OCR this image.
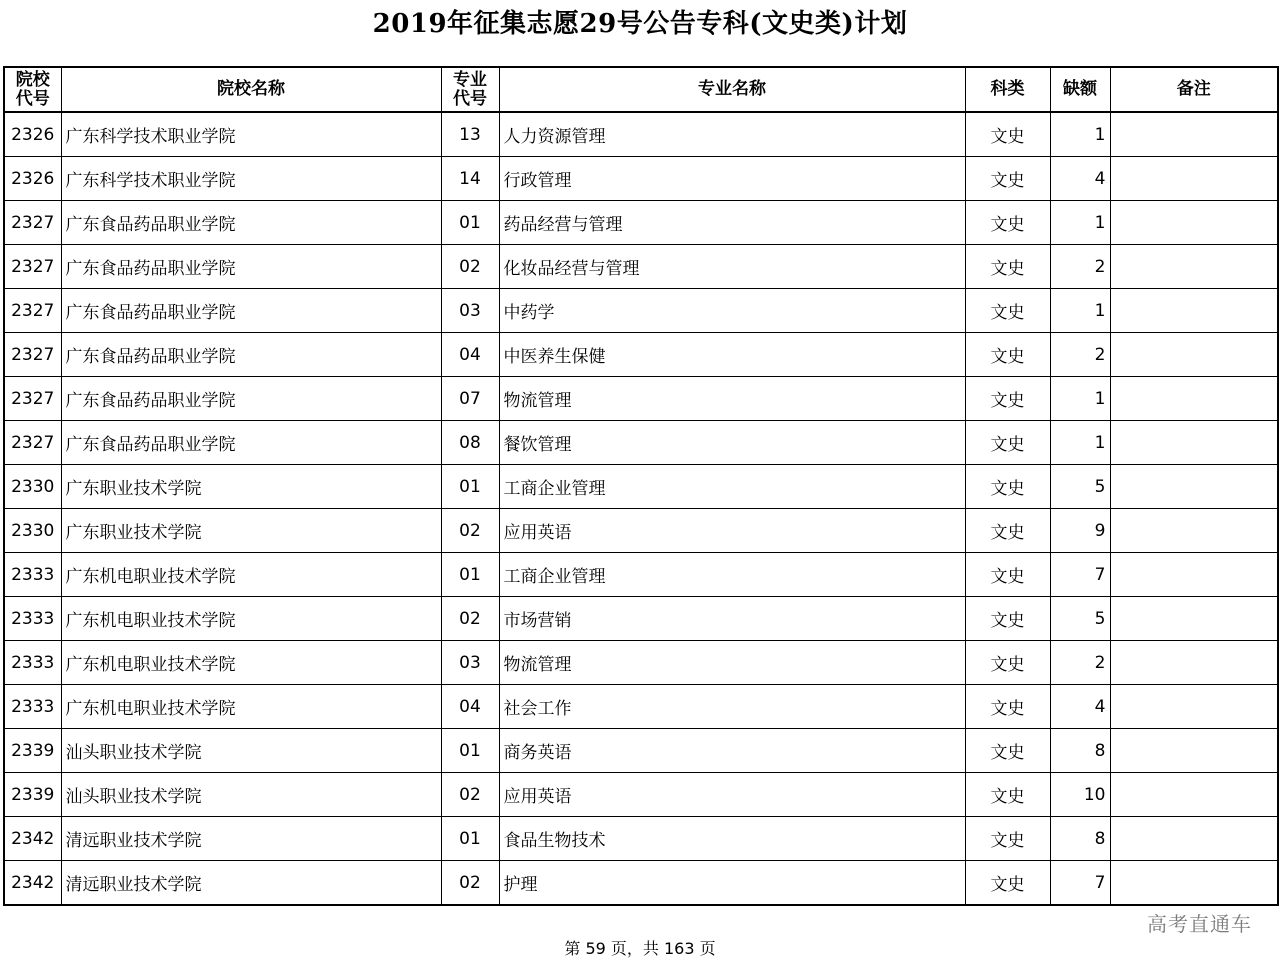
2019年征集志愿29号公告专科(文史类)计划
院校代号	院校名称	专业代号	专业名称	科类	缺额	备注
2326	广东科学技术职业学院	13	人力资源管理	文史	1	
2326	广东科学技术职业学院	14	行政管理	文史	4	
2327	广东食品药品职业学院	01	药品经营与管理	文史	1	
2327	广东食品药品职业学院	02	化妆品经营与管理	文史	2	
2327	广东食品药品职业学院	03	中药学	文史	1	
2327	广东食品药品职业学院	04	中医养生保健	文史	2	
2327	广东食品药品职业学院	07	物流管理	文史	1	
2327	广东食品药品职业学院	08	餐饮管理	文史	1	
2330	广东职业技术学院	01	工商企业管理	文史	5	
2330	广东职业技术学院	02	应用英语	文史	9	
2333	广东机电职业技术学院	01	工商企业管理	文史	7	
2333	广东机电职业技术学院	02	市场营销	文史	5	
2333	广东机电职业技术学院	03	物流管理	文史	2	
2333	广东机电职业技术学院	04	社会工作	文史	4	
2339	汕头职业技术学院	01	商务英语	文史	8	
2339	汕头职业技术学院	02	应用英语	文史	10	
2342	清远职业技术学院	01	食品生物技术	文史	8	
2342	清远职业技术学院	02	护理	文史	7	
高考直通车
第 59 页，共 163 页
